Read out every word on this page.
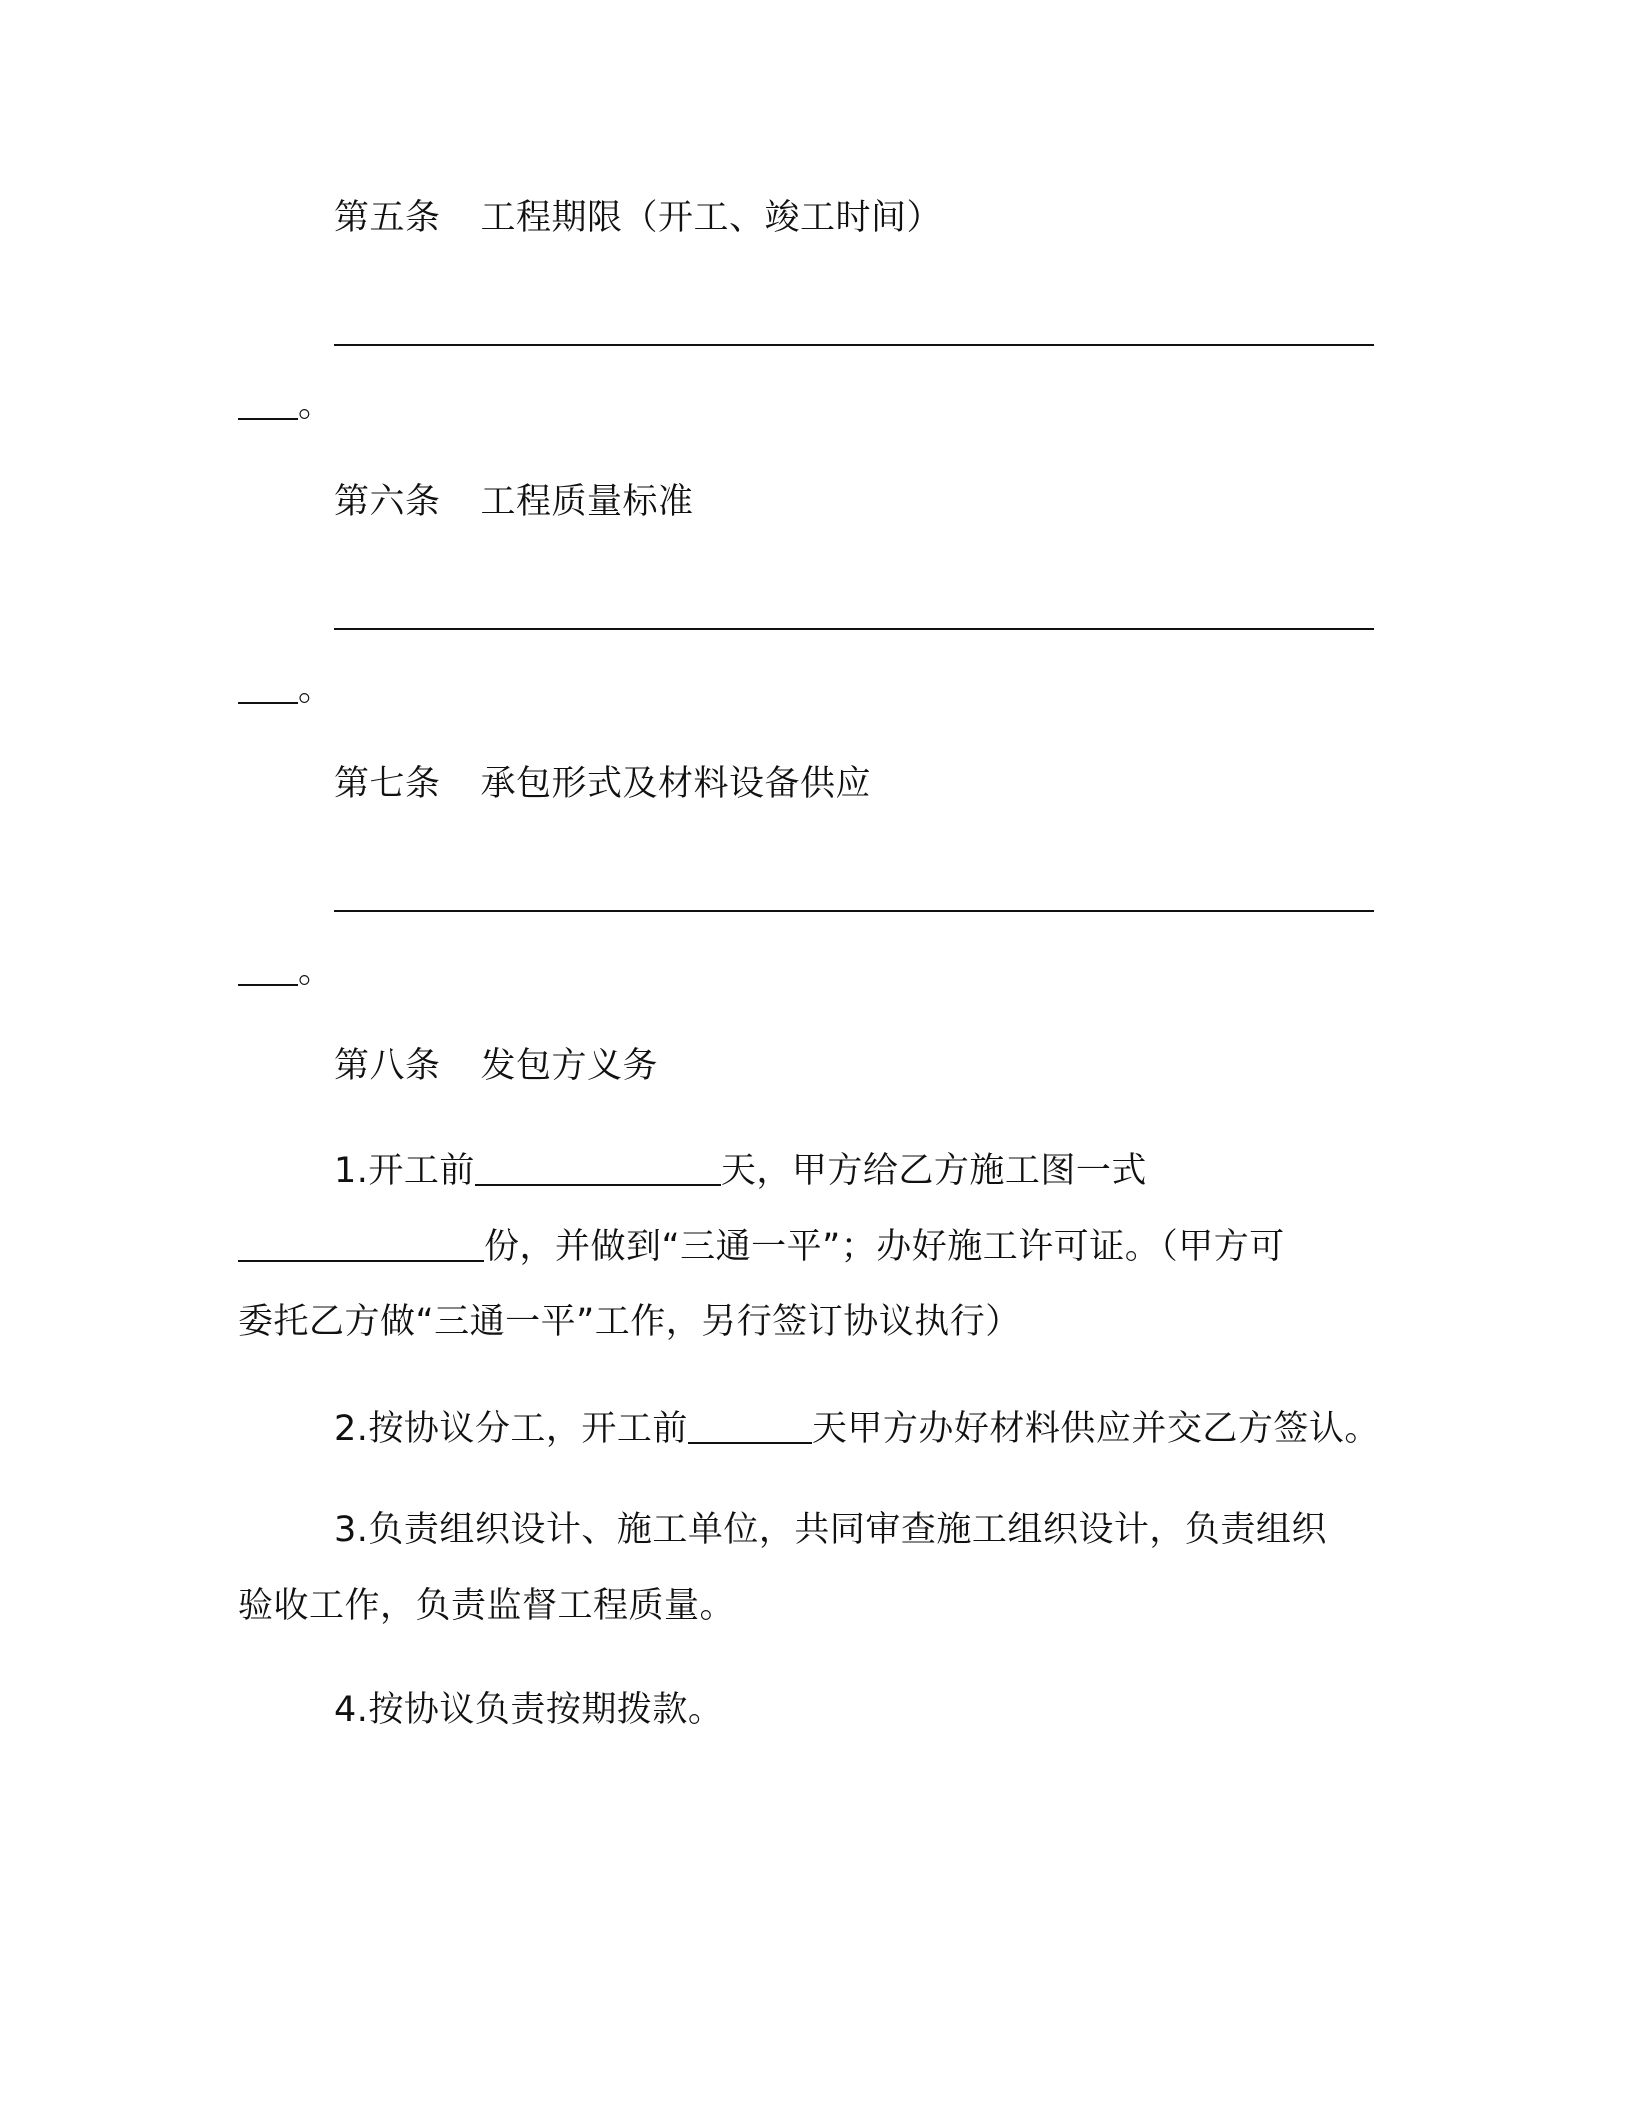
第五条 工程期限（开工、竣工时间）
。
第六条 工程质量标准
。
第七条 承包形式及材料设备供应
。
第八条 发包方义务
1.开工前	天，甲方给乙方施工图一式
份，并做到“三通一平”；办好施工许可证。（甲方可
委托乙方做“三通一平”工作，另行签订协议执行）
2.按协议分工，开工前	天甲方办好材料供应并交乙方签认。
3.负责组织设计、施工单位，共同审查施工组织设计，负责组织
验收工作，负责监督工程质量。
4.按协议负责按期拨款。
